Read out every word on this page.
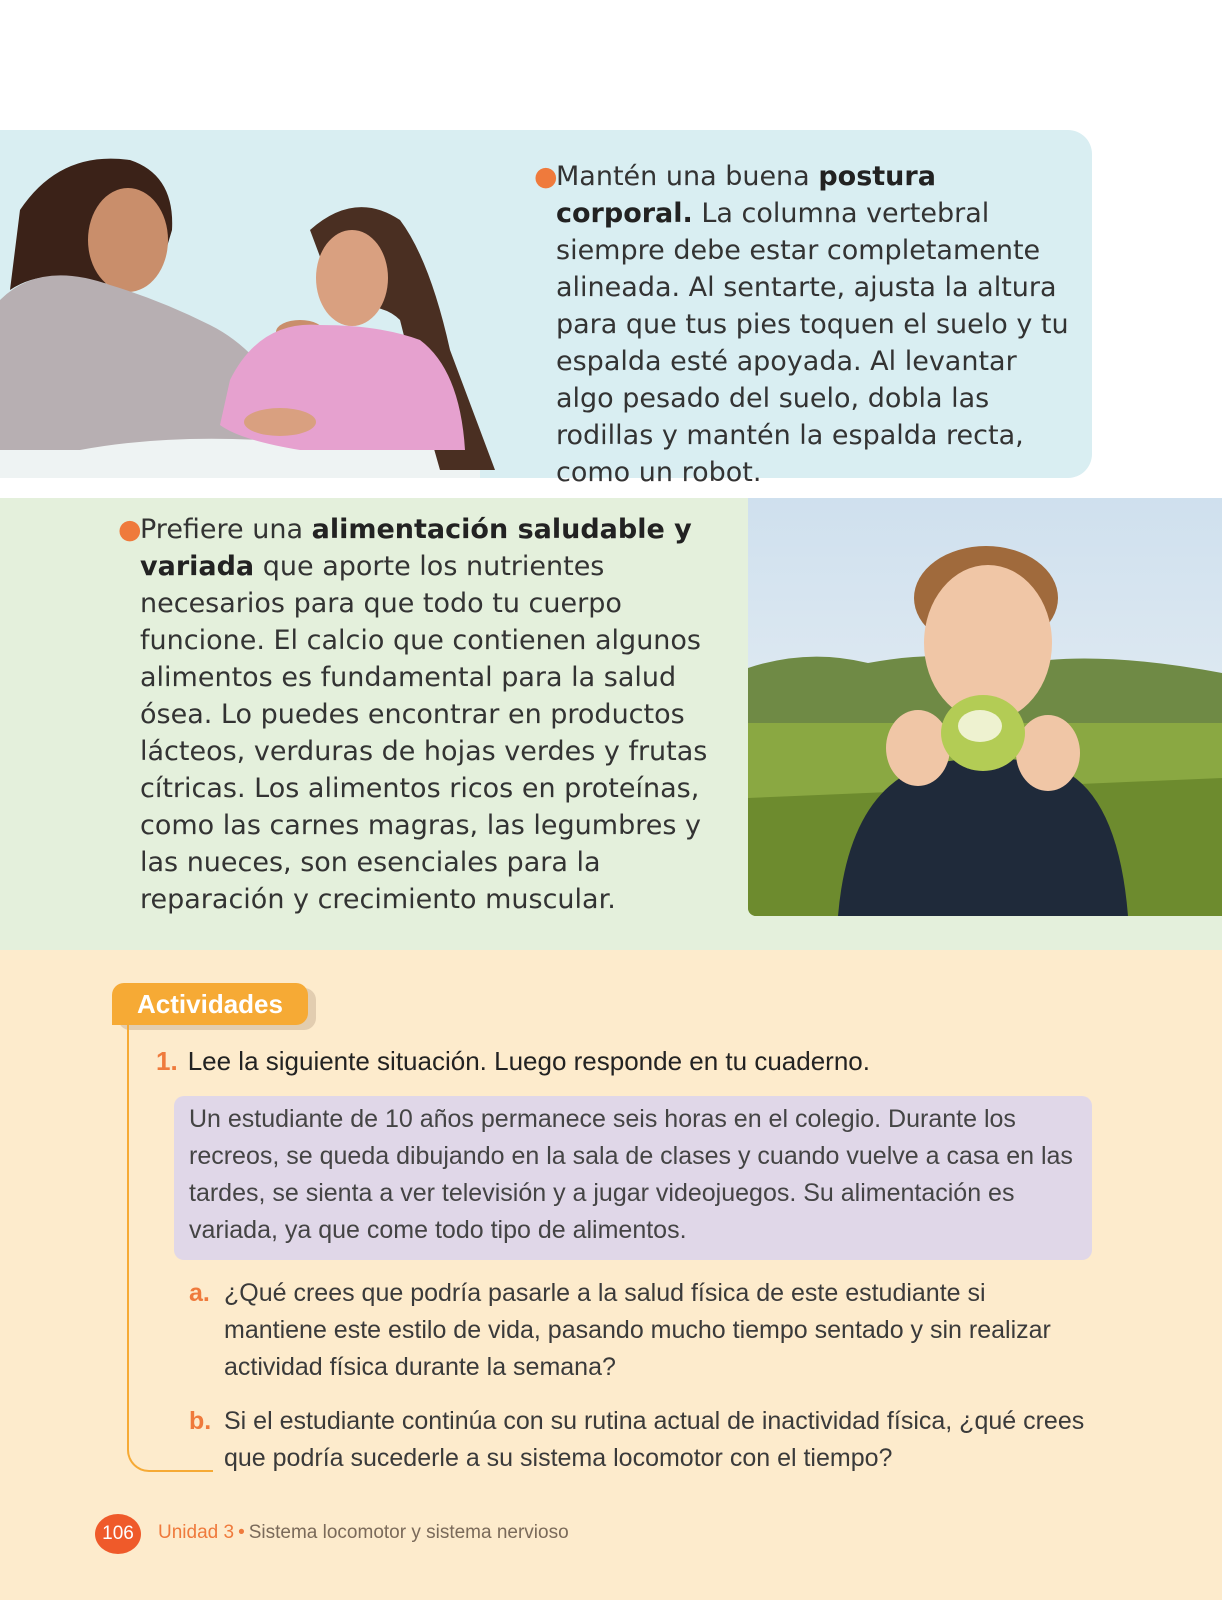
●
Mantén una buena postura corporal. La columna vertebral siempre debe estar completamente alineada. Al sentarte, ajusta la altura para que tus pies toquen el suelo y tu espalda esté apoyada. Al levantar algo pesado del suelo, dobla las rodillas y mantén la espalda recta, como un robot.
●
Prefiere una alimentación saludable y variada que aporte los nutrientes necesarios para que todo tu cuerpo funcione. El calcio que contienen algunos alimentos es fundamental para la salud ósea. Lo puedes encontrar en productos lácteos, verduras de hojas verdes y frutas cítricas. Los alimentos ricos en proteínas, como las carnes magras, las legumbres y las nueces, son esenciales para la reparación y crecimiento muscular.
Actividades
1. Lee la siguiente situación. Luego responde en tu cuaderno.
Un estudiante de 10 años permanece seis horas en el colegio. Durante los recreos, se queda dibujando en la sala de clases y cuando vuelve a casa en las tardes, se sienta a ver televisión y a jugar videojuegos. Su alimentación es variada, ya que come todo tipo de alimentos.
a. ¿Qué crees que podría pasarle a la salud física de este estudiante si mantiene este estilo de vida, pasando mucho tiempo sentado y sin realizar actividad física durante la semana?
b. Si el estudiante continúa con su rutina actual de inactividad física, ¿qué crees que podría sucederle a su sistema locomotor con el tiempo?
106	Unidad 3 • Sistema locomotor y sistema nervioso
